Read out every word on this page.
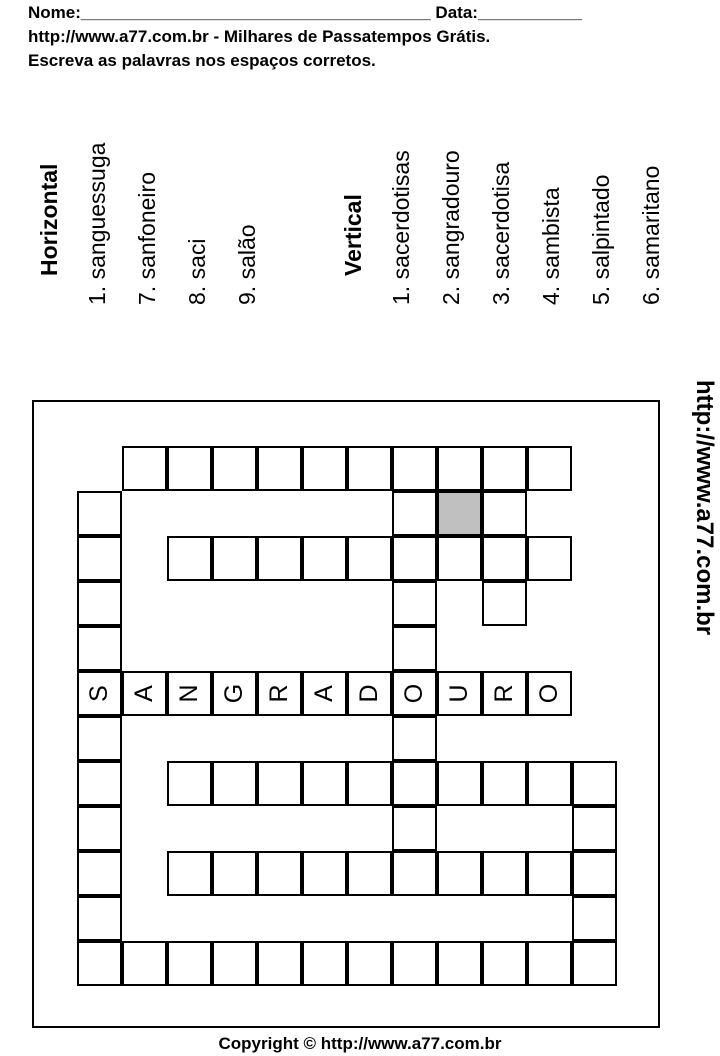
Nome:_____________________________________ Data:___________
http://www.a77.com.br - Milhares de Passatempos Grátis.
Escreva as palavras nos espaços corretos.
Horizontal 1. sanguessuga 7. sanfoneiro 8. saci 9. salão	Vertical 1. sacerdotisas 2. sangradouro 3. sacerdotisa 4. sambista 5. salpintado 6. samaritano
S A N G R A D O U R O
http://www.a77.com.br
Copyright © http://www.a77.com.br
